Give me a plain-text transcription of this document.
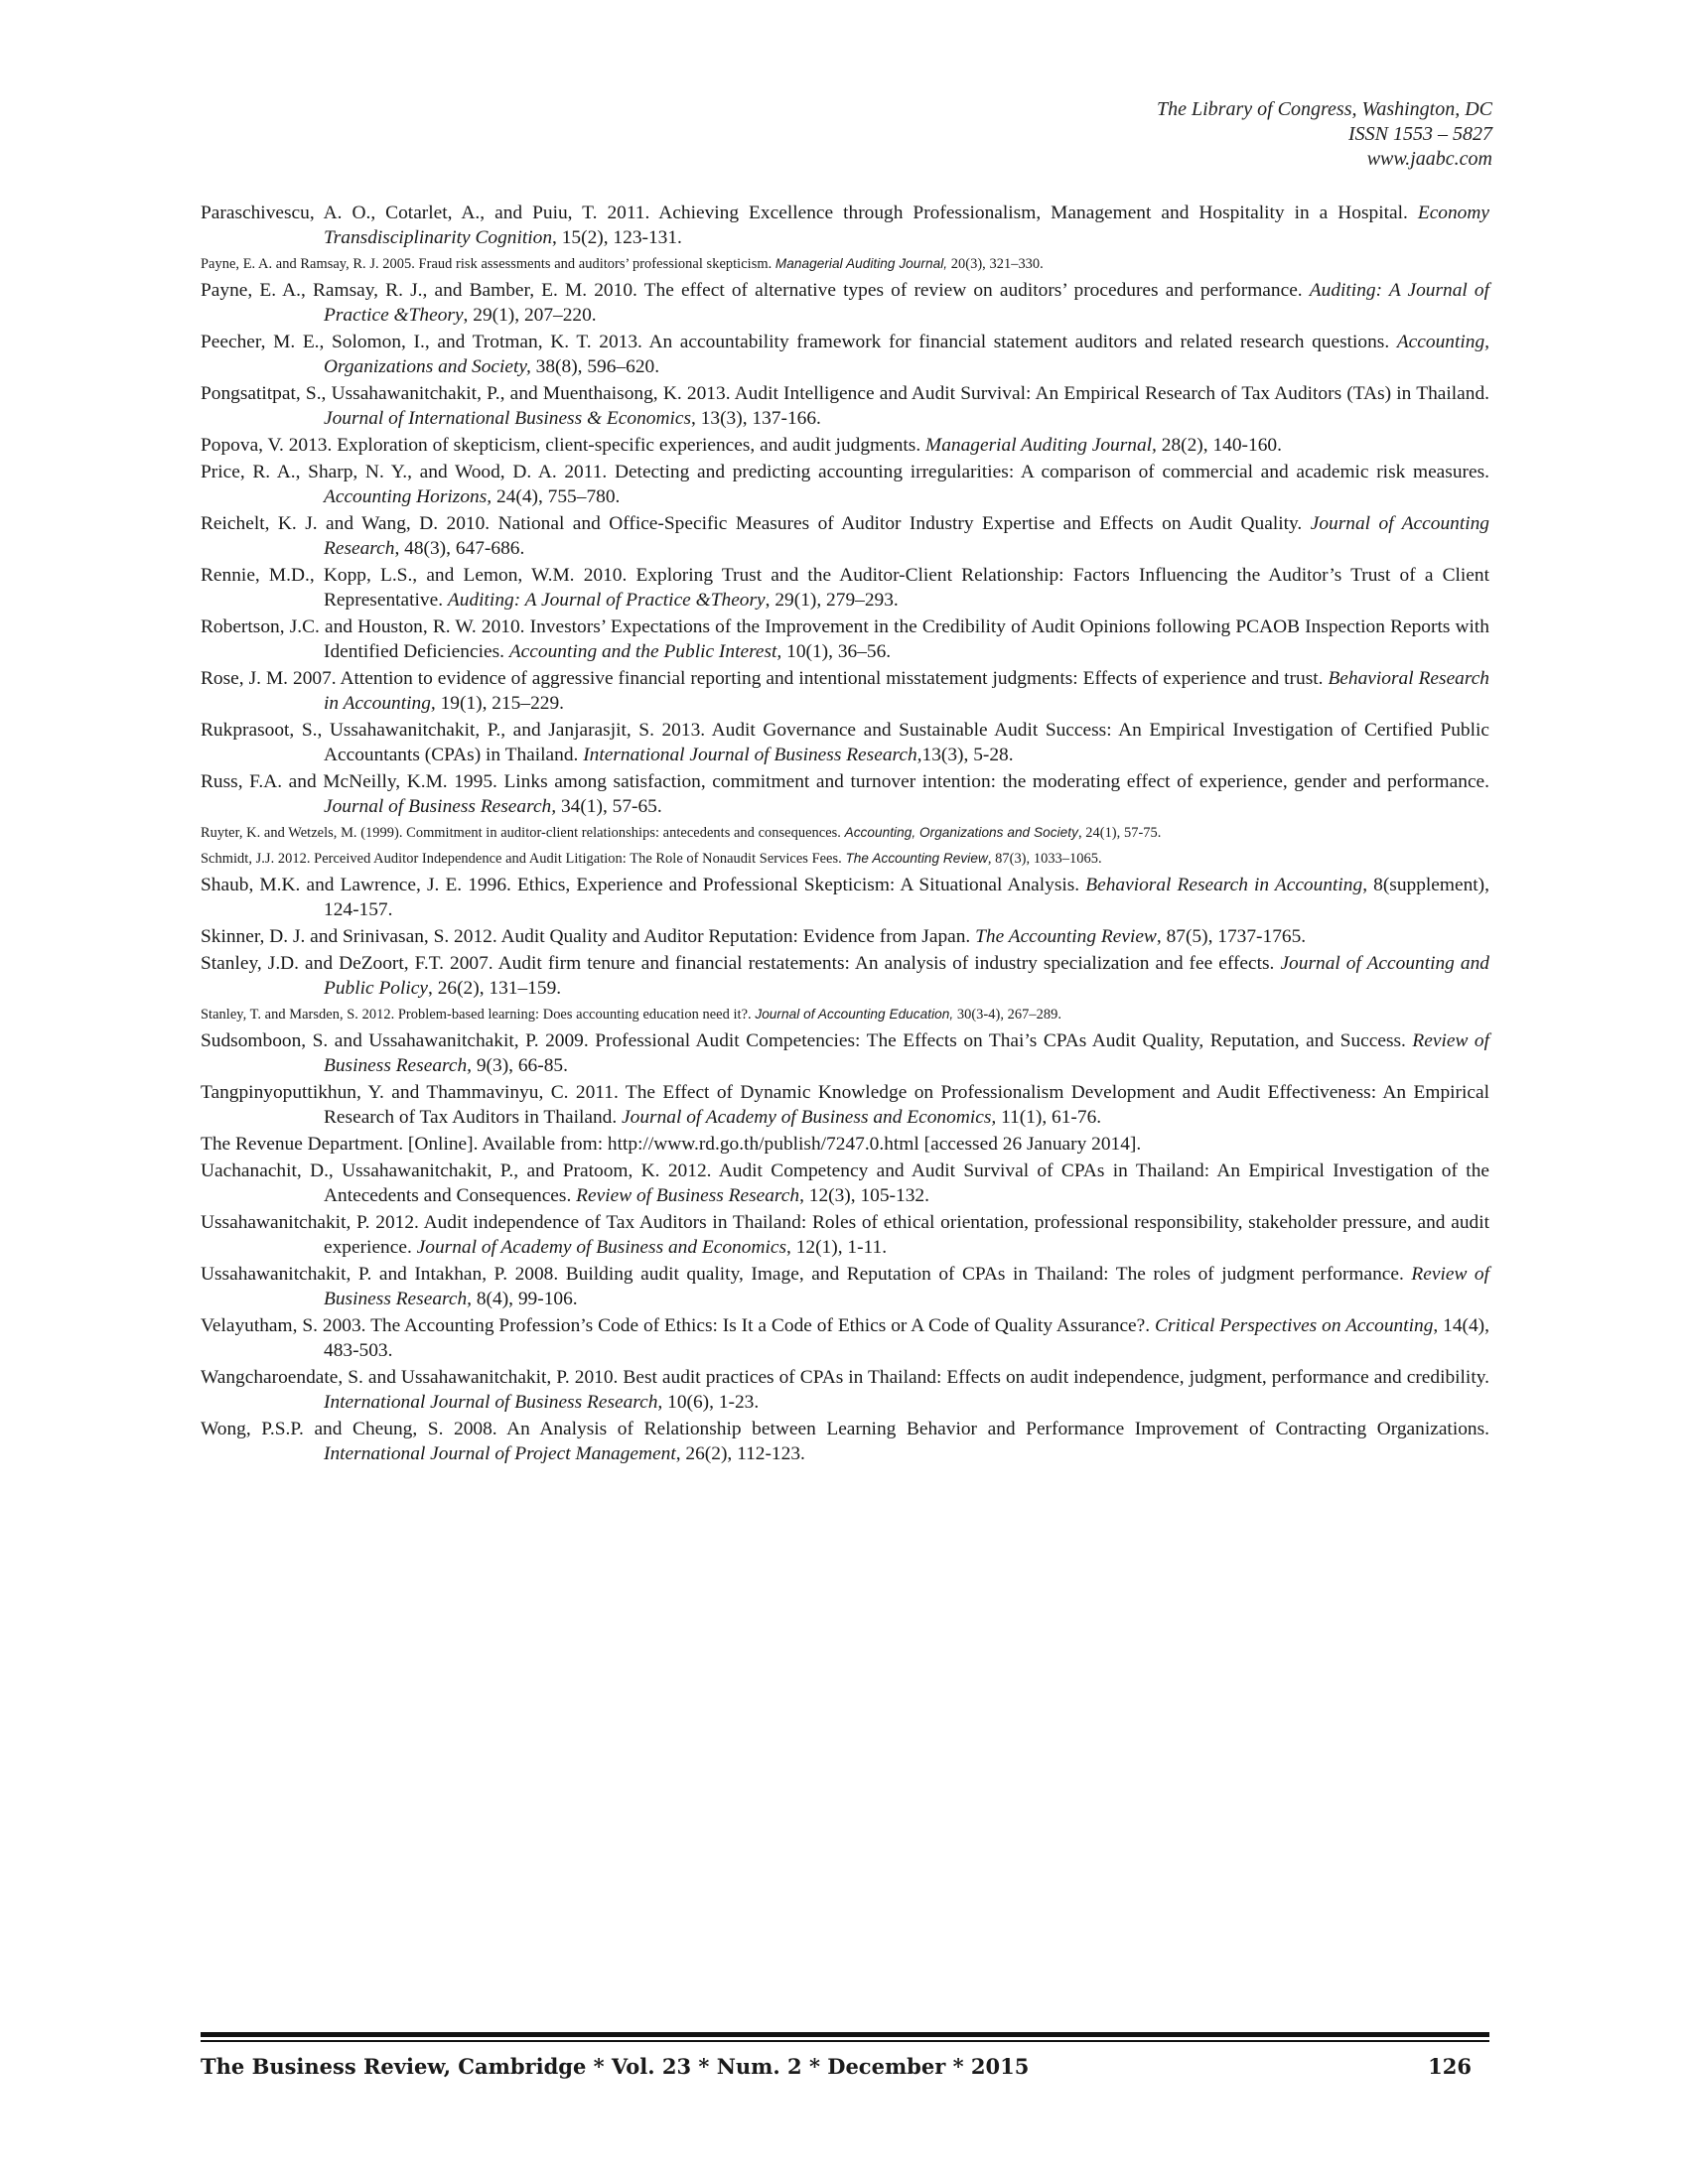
The Library of Congress, Washington, DC
ISSN 1553 – 5827
www.jaabc.com

Paraschivescu, A. O., Cotarlet, A., and Puiu, T. 2011. Achieving Excellence through Professionalism, Management and Hospitality in a Hospital. Economy Transdisciplinarity Cognition, 15(2), 123-131.

Payne, E. A. and Ramsay, R. J. 2005. Fraud risk assessments and auditors’ professional skepticism. Managerial Auditing Journal, 20(3), 321–330.

Payne, E. A., Ramsay, R. J., and Bamber, E. M. 2010. The effect of alternative types of review on auditors’ procedures and performance. Auditing: A Journal of Practice &Theory, 29(1), 207–220.

Peecher, M. E., Solomon, I., and Trotman, K. T. 2013. An accountability framework for financial statement auditors and related research questions. Accounting, Organizations and Society, 38(8), 596–620.

Pongsatitpat, S., Ussahawanitchakit, P., and Muenthaisong, K. 2013. Audit Intelligence and Audit Survival: An Empirical Research of Tax Auditors (TAs) in Thailand. Journal of International Business & Economics, 13(3), 137-166.

Popova, V. 2013. Exploration of skepticism, client-specific experiences, and audit judgments. Managerial Auditing Journal, 28(2), 140-160.

Price, R. A., Sharp, N. Y., and Wood, D. A. 2011. Detecting and predicting accounting irregularities: A comparison of commercial and academic risk measures. Accounting Horizons, 24(4), 755–780.

Reichelt, K. J. and Wang, D. 2010. National and Office-Specific Measures of Auditor Industry Expertise and Effects on Audit Quality. Journal of Accounting Research, 48(3), 647-686.

Rennie, M.D., Kopp, L.S., and Lemon, W.M. 2010. Exploring Trust and the Auditor-Client Relationship: Factors Influencing the Auditor’s Trust of a Client Representative. Auditing: A Journal of Practice &Theory, 29(1), 279–293.

Robertson, J.C. and Houston, R. W. 2010. Investors’ Expectations of the Improvement in the Credibility of Audit Opinions following PCAOB Inspection Reports with Identified Deficiencies. Accounting and the Public Interest, 10(1), 36–56.

Rose, J. M. 2007. Attention to evidence of aggressive financial reporting and intentional misstatement judgments: Effects of experience and trust. Behavioral Research in Accounting, 19(1), 215–229.

Rukprasoot, S., Ussahawanitchakit, P., and Janjarasjit, S. 2013. Audit Governance and Sustainable Audit Success: An Empirical Investigation of Certified Public Accountants (CPAs) in Thailand. International Journal of Business Research,13(3), 5-28.

Russ, F.A. and McNeilly, K.M. 1995. Links among satisfaction, commitment and turnover intention: the moderating effect of experience, gender and performance. Journal of Business Research, 34(1), 57-65.

Ruyter, K. and Wetzels, M. (1999). Commitment in auditor-client relationships: antecedents and consequences. Accounting, Organizations and Society, 24(1), 57-75.

Schmidt, J.J. 2012. Perceived Auditor Independence and Audit Litigation: The Role of Nonaudit Services Fees. The Accounting Review, 87(3), 1033–1065.

Shaub, M.K. and Lawrence, J. E. 1996. Ethics, Experience and Professional Skepticism: A Situational Analysis. Behavioral Research in Accounting, 8(supplement), 124-157.

Skinner, D. J. and Srinivasan, S. 2012. Audit Quality and Auditor Reputation: Evidence from Japan. The Accounting Review, 87(5), 1737-1765.

Stanley, J.D. and DeZoort, F.T. 2007. Audit firm tenure and financial restatements: An analysis of industry specialization and fee effects. Journal of Accounting and Public Policy, 26(2), 131–159.

Stanley, T. and Marsden, S. 2012. Problem-based learning: Does accounting education need it?. Journal of Accounting Education, 30(3-4), 267–289.

Sudsomboon, S. and Ussahawanitchakit, P. 2009. Professional Audit Competencies: The Effects on Thai’s CPAs Audit Quality, Reputation, and Success. Review of Business Research, 9(3), 66-85.

Tangpinyoputtikhun, Y. and Thammavinyu, C. 2011. The Effect of Dynamic Knowledge on Professionalism Development and Audit Effectiveness: An Empirical Research of Tax Auditors in Thailand. Journal of Academy of Business and Economics, 11(1), 61-76.

The Revenue Department. [Online]. Available from: http://www.rd.go.th/publish/7247.0.html [accessed 26 January 2014].

Uachanachit, D., Ussahawanitchakit, P., and Pratoom, K. 2012. Audit Competency and Audit Survival of CPAs in Thailand: An Empirical Investigation of the Antecedents and Consequences. Review of Business Research, 12(3), 105-132.

Ussahawanitchakit, P. 2012. Audit independence of Tax Auditors in Thailand: Roles of ethical orientation, professional responsibility, stakeholder pressure, and audit experience. Journal of Academy of Business and Economics, 12(1), 1-11.

Ussahawanitchakit, P. and Intakhan, P. 2008. Building audit quality, Image, and Reputation of CPAs in Thailand: The roles of judgment performance. Review of Business Research, 8(4), 99-106.

Velayutham, S. 2003. The Accounting Profession’s Code of Ethics: Is It a Code of Ethics or A Code of Quality Assurance?. Critical Perspectives on Accounting, 14(4), 483-503.

Wangcharoendate, S. and Ussahawanitchakit, P. 2010. Best audit practices of CPAs in Thailand: Effects on audit independence, judgment, performance and credibility. International Journal of Business Research, 10(6), 1-23.

Wong, P.S.P. and Cheung, S. 2008. An Analysis of Relationship between Learning Behavior and Performance Improvement of Contracting Organizations. International Journal of Project Management, 26(2), 112-123.

The Business Review, Cambridge * Vol. 23 * Num. 2 * December * 2015	126
